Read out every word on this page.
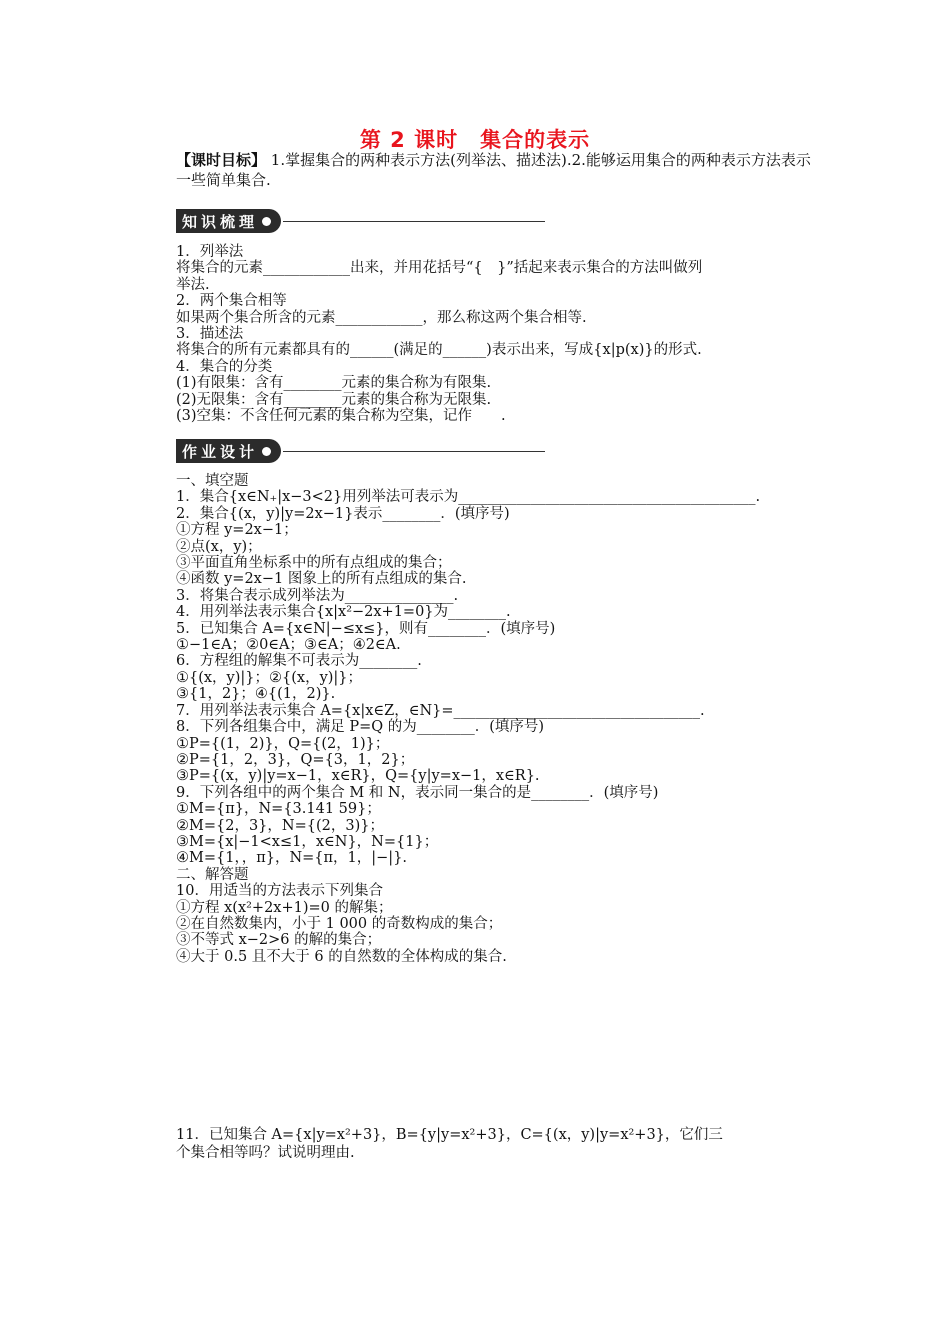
第 2 课时　集合的表示
【课时目标】 1.掌握集合的两种表示方法(列举法、描述法).2.能够运用集合的两种表示方法表示一些简单集合.
知识梳理
1．列举法
将集合的元素____________出来，并用花括号“{　}”括起来表示集合的方法叫做列
举法.
2．两个集合相等
如果两个集合所含的元素____________，那么称这两个集合相等.
3．描述法
将集合的所有元素都具有的______(满足的______)表示出来，写成{x|p(x)}的形式.
4．集合的分类
(1)有限集：含有________元素的集合称为有限集.
(2)无限集：含有________元素的集合称为无限集.
(3)空集：不含任何元素的集合称为空集，记作　　.
作业设计
一、填空题
1．集合{x∈N₊|x−3<2}用列举法可表示为_________________________________________.
2．集合{(x，y)|y=2x−1}表示________．(填序号)
①方程 y=2x−1；
②点(x，y)；
③平面直角坐标系中的所有点组成的集合；
④函数 y=2x−1 图象上的所有点组成的集合.
3．将集合表示成列举法为_______________.
4．用列举法表示集合{x|x²−2x+1=0}为________.
5．已知集合 A={x∈N|−≤x≤}，则有________．(填序号)
①−1∈A；②0∈A；③∈A；④2∈A.
6．方程组的解集不可表示为________.
①{(x，y)|}；②{(x，y)|}；
③{1，2}；④{(1，2)}.
7．用列举法表示集合 A={x|x∈Z，∈N}=__________________________________.
8．下列各组集合中，满足 P=Q 的为________．(填序号)
①P={(1，2)}，Q={(2，1)}；
②P={1，2，3}，Q={3，1，2}；
③P={(x，y)|y=x−1，x∈R}，Q={y|y=x−1，x∈R}.
9．下列各组中的两个集合 M 和 N，表示同一集合的是________．(填序号)
①M={π}，N={3.141 59}；
②M={2，3}，N={(2，3)}；
③M={x|−1<x≤1，x∈N}，N={1}；
④M={1，，π}，N={π，1，|−|}.
二、解答题
10．用适当的方法表示下列集合
①方程 x(x²+2x+1)=0 的解集；
②在自然数集内，小于 1 000 的奇数构成的集合；
③不等式 x−2>6 的解的集合；
④大于 0.5 且不大于 6 的自然数的全体构成的集合.
11．已知集合 A={x|y=x²+3}，B={y|y=x²+3}，C={(x，y)|y=x²+3}，它们三
个集合相等吗？试说明理由.
